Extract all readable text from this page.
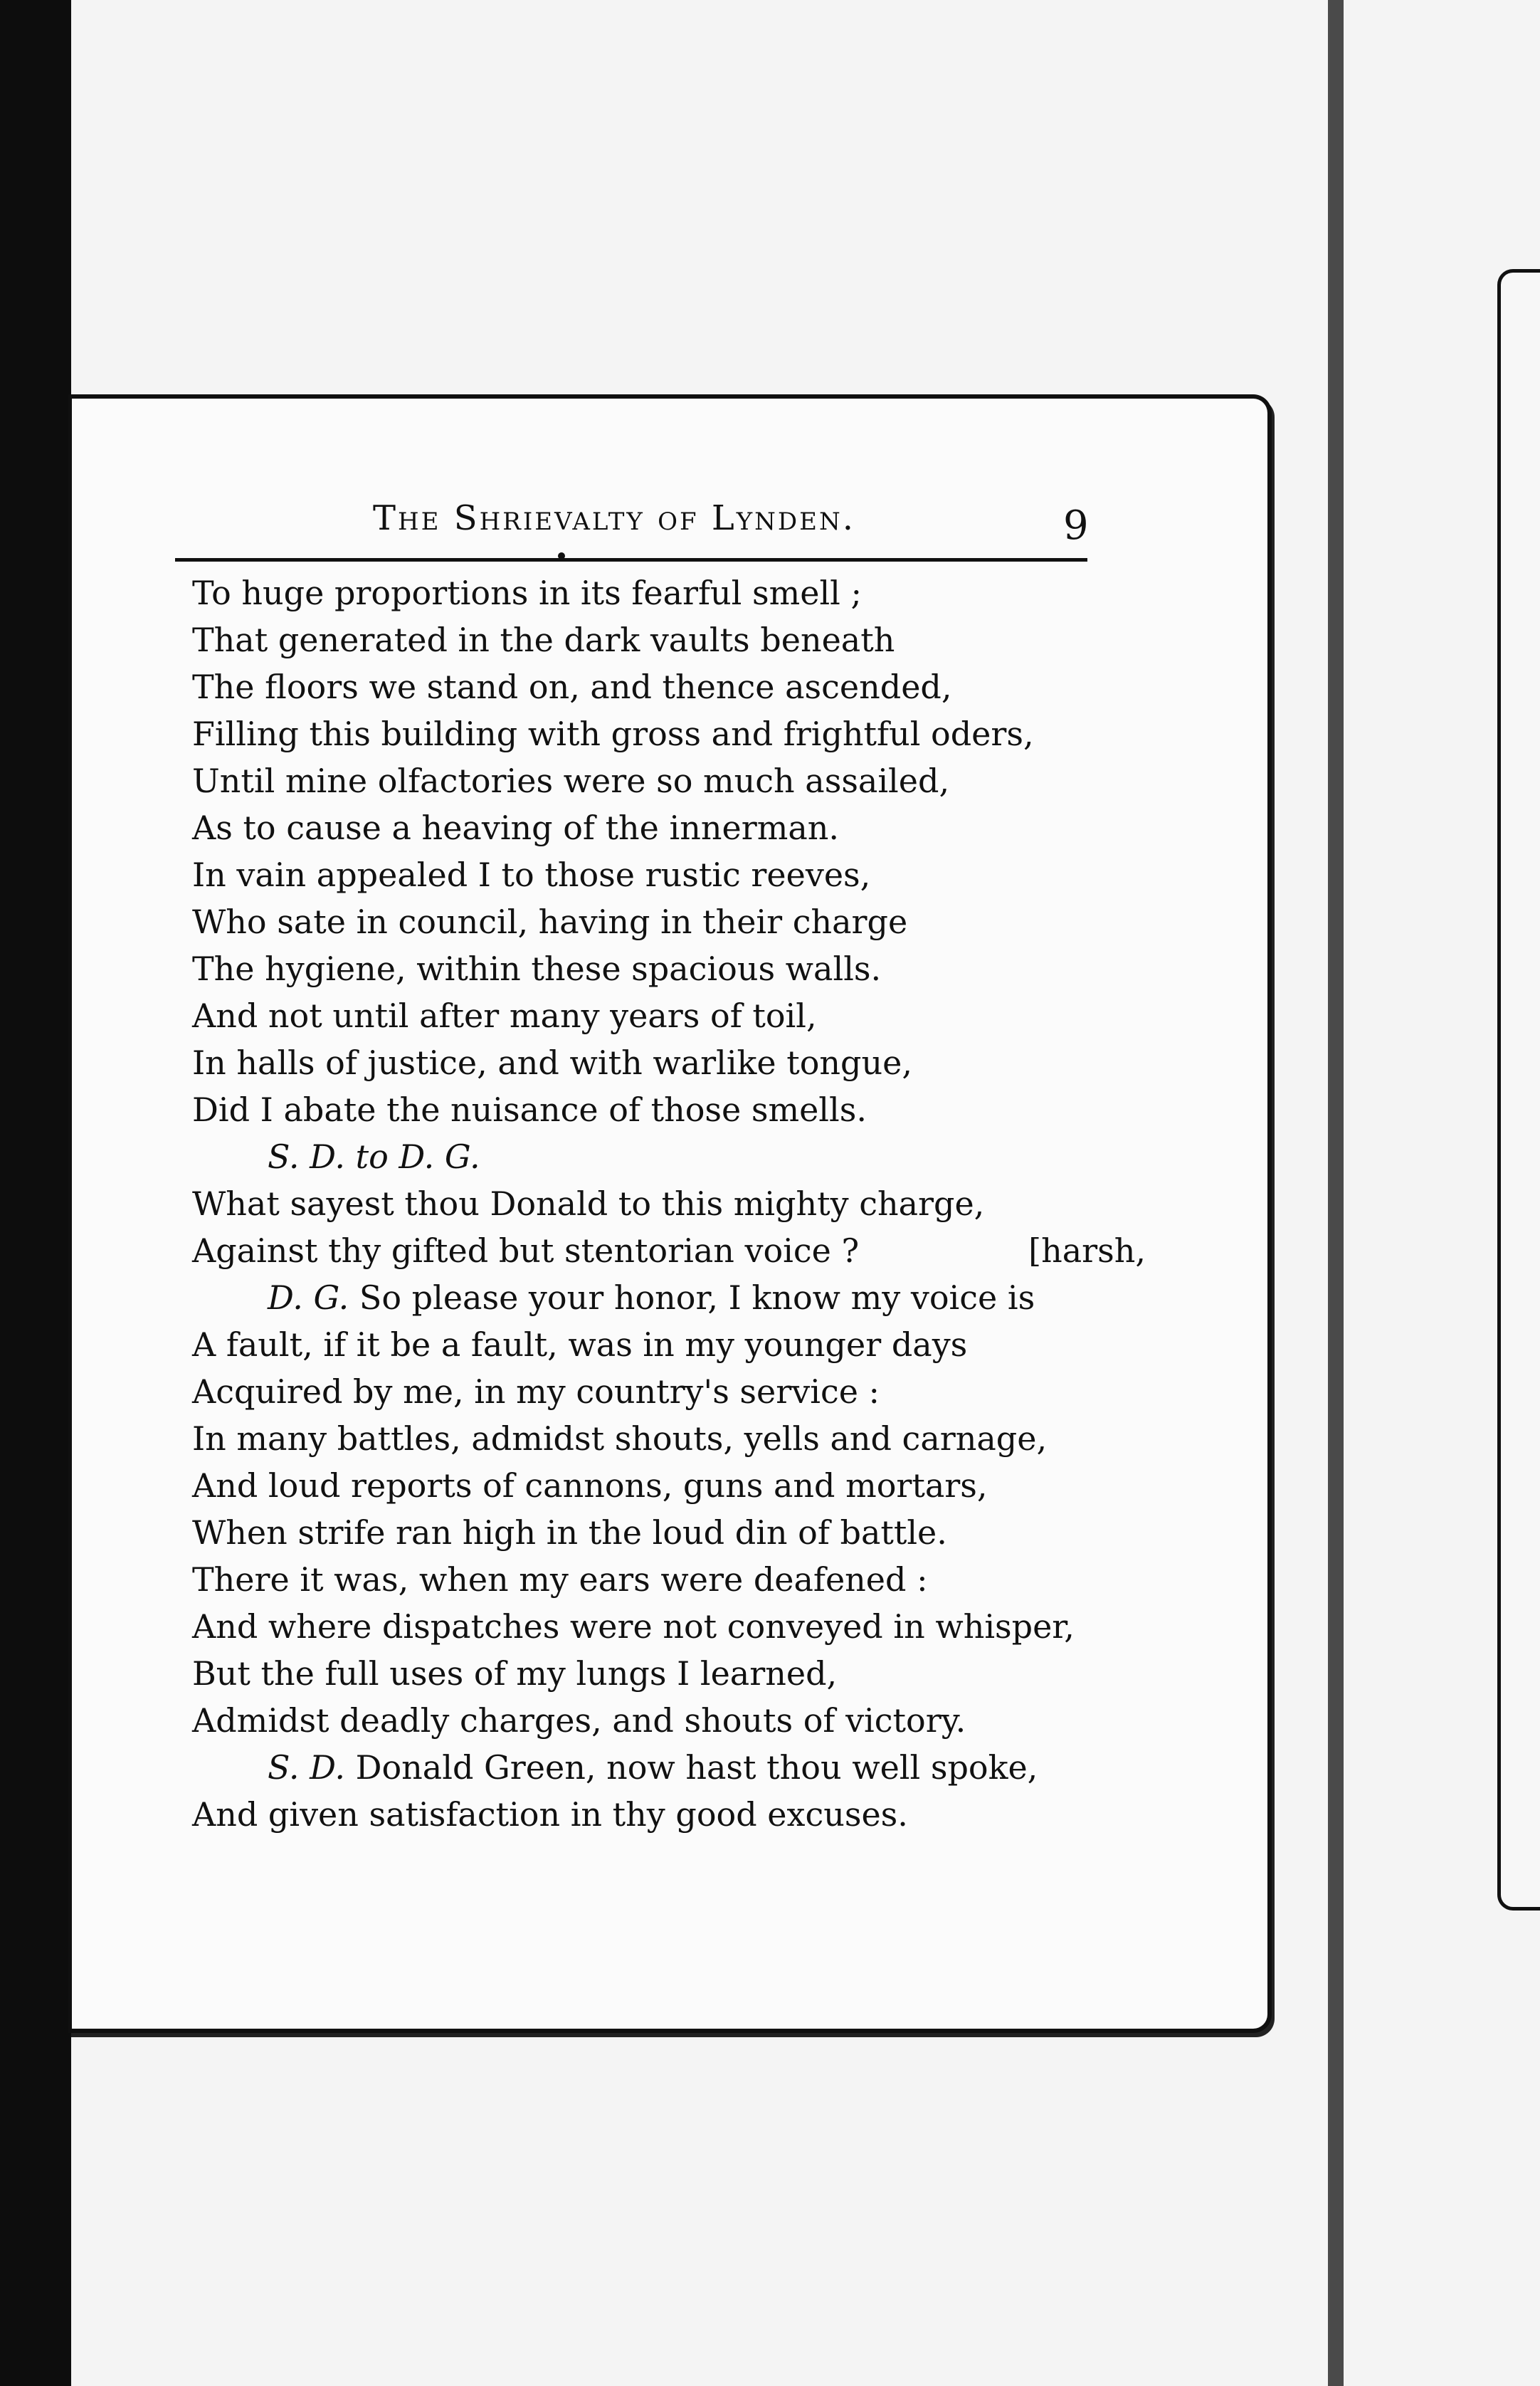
The Shrievalty of Lynden.	9
To huge proportions in its fearful smell ;
That generated in the dark vaults beneath
The floors we stand on, and thence ascended,
Filling this building with gross and frightful oders,
Until mine olfactories were so much assailed,
As to cause a heaving of the innerman.
In vain appealed I to those rustic reeves,
Who sate in council, having in their charge
The hygiene, within these spacious walls.
And not until after many years of toil,
In halls of justice, and with warlike tongue,
Did I abate the nuisance of those smells.
S. D. to D. G.
What sayest thou Donald to this mighty charge,
Against thy gifted but stentorian voice ?	[harsh,
D. G. So please your honor, I know my voice is
A fault, if it be a fault, was in my younger days
Acquired by me, in my country's service :
In many battles, admidst shouts, yells and carnage,
And loud reports of cannons, guns and mortars,
When strife ran high in the loud din of battle.
There it was, when my ears were deafened :
And where dispatches were not conveyed in whisper,
But the full uses of my lungs I learned,
Admidst deadly charges, and shouts of victory.
S. D. Donald Green, now hast thou well spoke,
And given satisfaction in thy good excuses.
